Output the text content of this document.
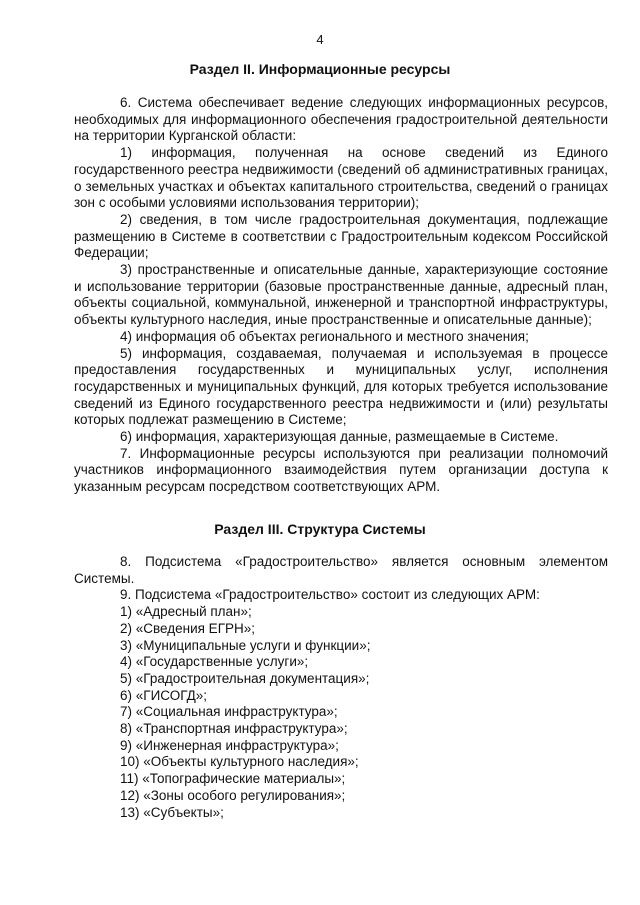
4
Раздел II. Информационные ресурсы

6. Система обеспечивает ведение следующих информационных ресурсов, необходимых для информационного обеспечения градостроительной деятельности на территории Курганской области:

1) информация, полученная на основе сведений из Единого государственного реестра недвижимости (сведений об административных границах, о земельных участках и объектах капитального строительства, сведений о границах зон с особыми условиями использования территории);

2) сведения, в том числе градостроительная документация, подлежащие размещению в Системе в соответствии с Градостроительным кодексом Российской Федерации;

3) пространственные и описательные данные, характеризующие состояние и использование территории (базовые пространственные данные, адресный план, объекты социальной, коммунальной, инженерной и транспортной инфраструктуры, объекты культурного наследия, иные пространственные и описательные данные);

4) информация об объектах регионального и местного значения;

5) информация, создаваемая, получаемая и используемая в процессе предоставления государственных и муниципальных услуг, исполнения государственных и муниципальных функций, для которых требуется использование сведений из Единого государственного реестра недвижимости и (или) результаты которых подлежат размещению в Системе;

6) информация, характеризующая данные, размещаемые в Системе.

7. Информационные ресурсы используются при реализации полномочий участников информационного взаимодействия путем организации доступа к указанным ресурсам посредством соответствующих АРМ.

Раздел III. Структура Системы

8. Подсистема «Градостроительство» является основным элементом Системы.

9. Подсистема «Градостроительство» состоит из следующих АРМ:

1) «Адресный план»;

2) «Сведения ЕГРН»;

3) «Муниципальные услуги и функции»;

4) «Государственные услуги»;

5) «Градостроительная документация»;

6) «ГИСОГД»;

7) «Социальная инфраструктура»;

8) «Транспортная инфраструктура»;

9) «Инженерная инфраструктура»;

10) «Объекты культурного наследия»;

11) «Топографические материалы»;

12) «Зоны особого регулирования»;

13) «Субъекты»;
